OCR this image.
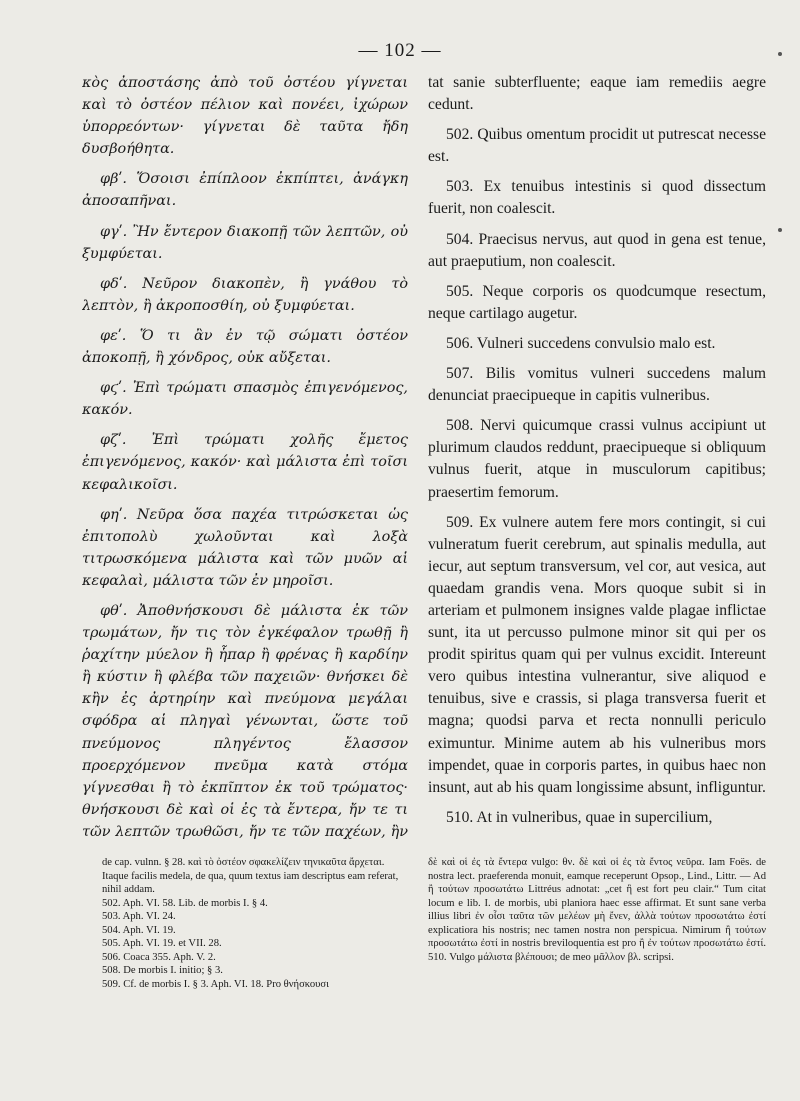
— 102 —

κὸς ἀποστάσης ἀπὸ τοῦ ὀστέου γίγνεται καὶ τὸ ὀστέον πέλιον καὶ πονέει, ἰχώρων ὑπορρεόντων· γίγνεται δὲ ταῦτα ἤδη δυσβοήθητα.

φβʹ. Ὅσοισι ἐπίπλοον ἐκπίπτει, ἀνάγκη ἀποσαπῆναι.

φγʹ. Ἢν ἔντερον διακοπῇ τῶν λεπτῶν, οὐ ξυμφύεται.

φδʹ. Νεῦρον διακοπὲν, ἢ γνάθου τὸ λεπτὸν, ἢ ἀκροποσθίη, οὐ ξυμφύεται.

φεʹ. Ὅ τι ἂν ἐν τῷ σώματι ὀστέον ἀποκοπῇ, ἢ χόνδρος, οὐκ αὔξεται.

φϛʹ. Ἐπὶ τρώματι σπασμὸς ἐπιγενόμενος, κακόν.

φζʹ. Ἐπὶ τρώματι χολῆς ἔμετος ἐπιγενόμενος, κακόν· καὶ μάλιστα ἐπὶ τοῖσι κεφαλικοῖσι.

φηʹ. Νεῦρα ὅσα παχέα τιτρώσκεται ὡς ἐπιτοπολὺ χωλοῦνται καὶ λοξὰ τιτρωσκόμενα μάλιστα καὶ τῶν μυῶν αἱ κεφαλαὶ, μάλιστα τῶν ἐν μηροῖσι.

φθʹ. Ἀποθνήσκουσι δὲ μάλιστα ἐκ τῶν τρωμάτων, ἤν τις τὸν ἐγκέφαλον τρωθῇ ἢ ῥαχίτην μύελον ἢ ἧπαρ ἢ φρένας ἢ καρδίην ἢ κύστιν ἢ φλέβα τῶν παχειῶν· θνήσκει δὲ κἢν ἐς ἀρτηρίην καὶ πνεύμονα μεγάλαι σφόδρα αἱ πληγαὶ γένωνται, ὥστε τοῦ πνεύμονος πληγέντος ἔλασσον προερχόμενον πνεῦμα κατὰ στόμα γίγνεσθαι ἢ τὸ ἐκπῖπτον ἐκ τοῦ τρώματος· θνήσκουσι δὲ καὶ οἱ ἐς τὰ ἔντερα, ἤν τε τι τῶν λεπτῶν τρωθῶσι, ἤν τε τῶν παχέων, ἢν

tat sanie subterfluente; eaque iam remediis aegre cedunt.

502. Quibus omentum procidit ut putrescat necesse est.

503. Ex tenuibus intestinis si quod dissectum fuerit, non coalescit.

504. Praecisus nervus, aut quod in gena est tenue, aut praeputium, non coalescit.

505. Neque corporis os quodcumque resectum, neque cartilago augetur.

506. Vulneri succedens convulsio malo est.

507. Bilis vomitus vulneri succedens malum denunciat praecipueque in capitis vulneribus.

508. Nervi quicumque crassi vulnus accipiunt ut plurimum claudos reddunt, praecipueque si obliquum vulnus fuerit, atque in musculorum capitibus; praesertim femorum.

509. Ex vulnere autem fere mors contingit, si cui vulneratum fuerit cerebrum, aut spinalis medulla, aut iecur, aut septum transversum, vel cor, aut vesica, aut quaedam grandis vena. Mors quoque subit si in arteriam et pulmonem insignes valde plagae inflictae sunt, ita ut percusso pulmone minor sit qui per os prodit spiritus quam qui per vulnus excidit. Intereunt vero quibus intestina vulnerantur, sive aliquod e tenuibus, sive e crassis, si plaga transversa fuerit et magna; quodsi parva et recta nonnulli periculo eximuntur. Minime autem ab his vulneribus mors impendet, quae in corporis partes, in quibus haec non insunt, aut ab his quam longissime absunt, infliguntur.

510. At in vulneribus, quae in supercilium,

de cap. vulnn. § 28. καὶ τὸ ὀστέον σφακελίζειν τηνικαῦτα ἄρχεται. Itaque facilis medela, de qua, quum textus iam descriptus eam referat, nihil addam.

502. Aph. VI. 58. Lib. de morbis I. § 4.
503. Aph. VI. 24.
504. Aph. VI. 19.
505. Aph. VI. 19. et VII. 28.
506. Coaca 355. Aph. V. 2.
508. De morbis I. initio; § 3.
509. Cf. de morbis I. § 3. Aph. VI. 18. Pro θνήσκουσι

δὲ καὶ οἱ ἐς τὰ ἔντερα vulgo: θν. δὲ καὶ οἱ ἐς τὰ ἔντος νεῦρα. Iam Foës. de nostra lect. praeferenda monuit, eamque receperunt Opsop., Lind., Littr. — Ad ἢ τούτων προσωτάτω Littréus adnotat: „cet ἢ est fort peu clair.“ Tum citat locum e lib. I. de morbis, ubi planiora haec esse affirmat. Et sunt sane verba illius libri ἐν οἷσι ταῦτα τῶν μελέων μὴ ἔνεν, ἀλλὰ τούτων προσωτάτω ἐστί explicatiora his nostris; nec tamen nostra non perspicua. Nimirum ἢ τούτων προσωτάτω ἐστί in nostris breviloquentia est pro ἢ ἐν τούτων προσωτάτω ἐστί. 510. Vulgo μάλιστα βλέπουσι; de meo μᾶλλον βλ. scripsi.
